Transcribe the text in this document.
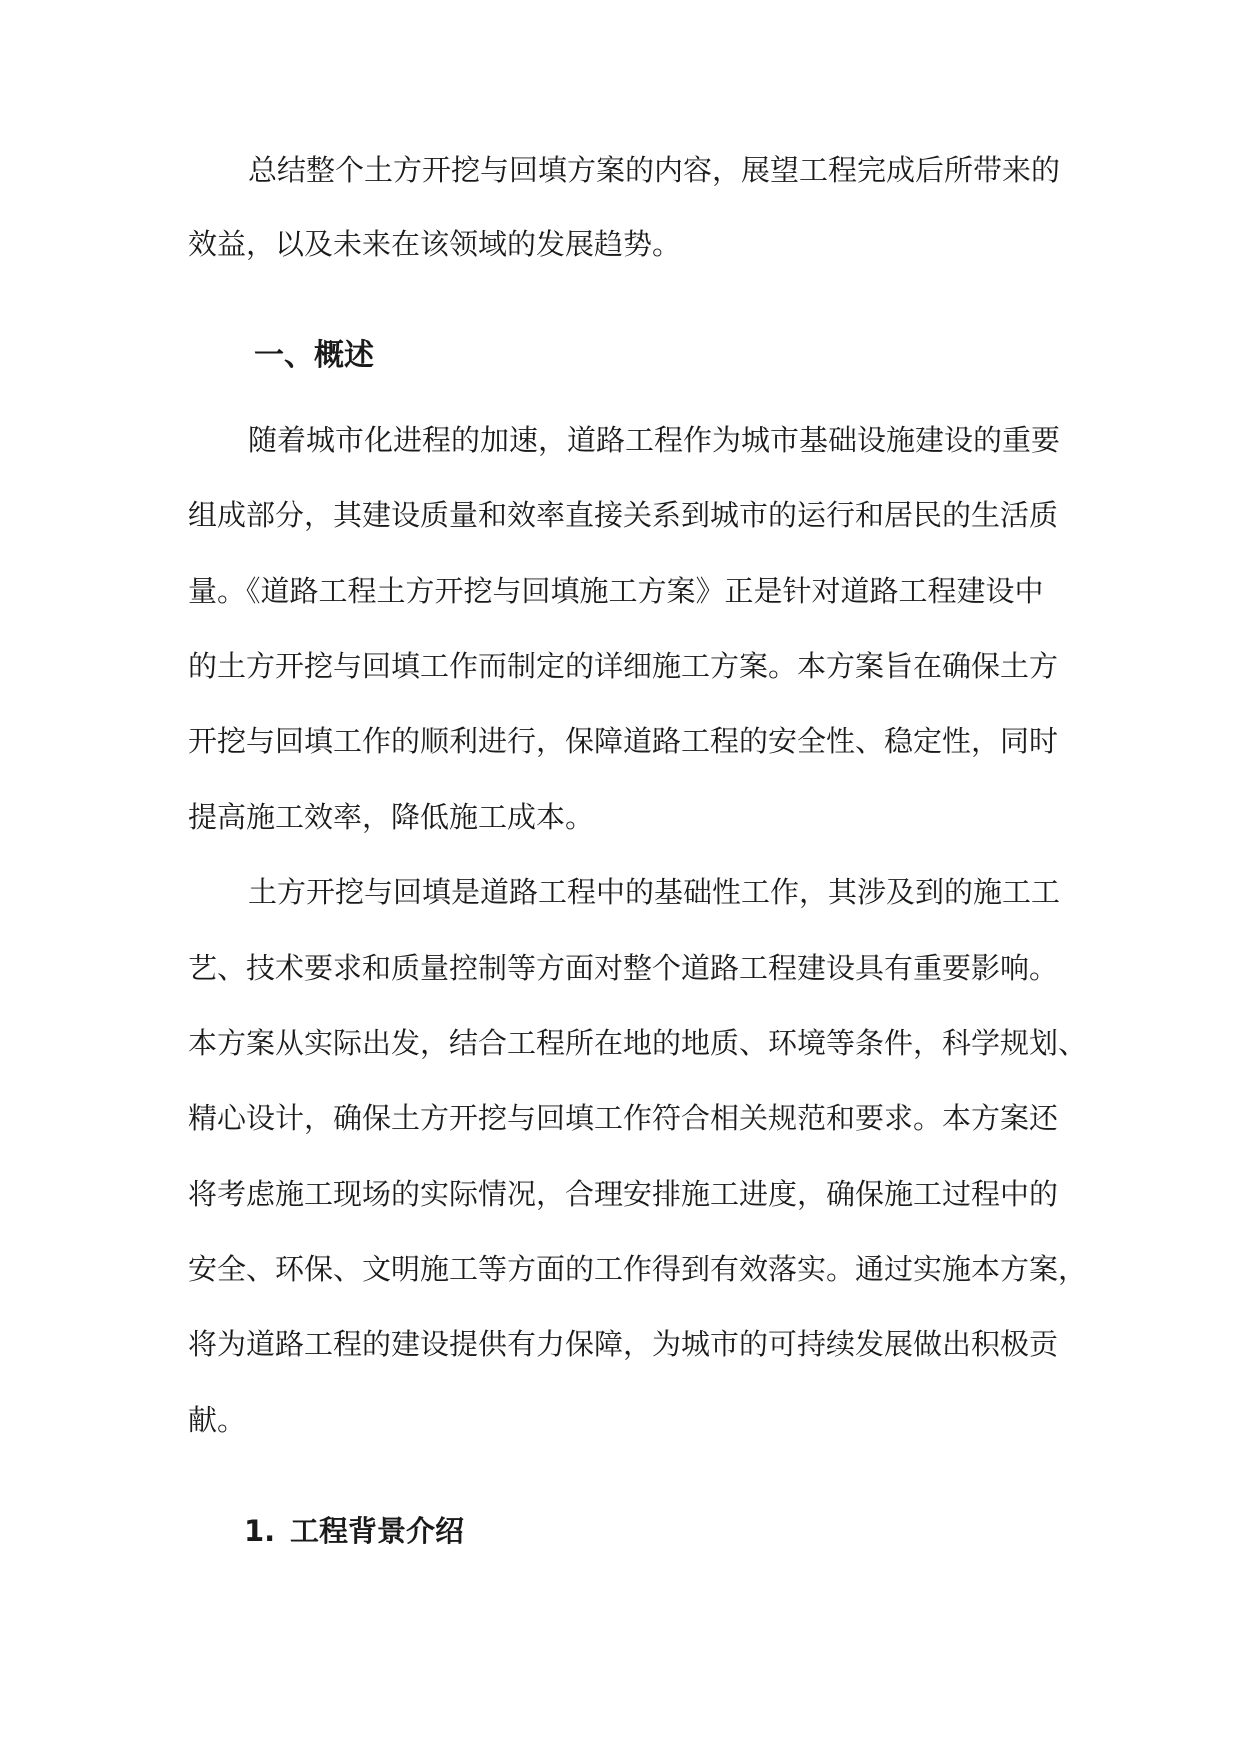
总结整个土方开挖与回填方案的内容，展望工程完成后所带来的
效益，以及未来在该领域的发展趋势。
一、概述
随着城市化进程的加速，道路工程作为城市基础设施建设的重要
组成部分，其建设质量和效率直接关系到城市的运行和居民的生活质
量。《道路工程土方开挖与回填施工方案》正是针对道路工程建设中
的土方开挖与回填工作而制定的详细施工方案。本方案旨在确保土方
开挖与回填工作的顺利进行，保障道路工程的安全性、稳定性，同时
提高施工效率，降低施工成本。
土方开挖与回填是道路工程中的基础性工作，其涉及到的施工工
艺、技术要求和质量控制等方面对整个道路工程建设具有重要影响。
本方案从实际出发，结合工程所在地的地质、环境等条件，科学规划、
精心设计，确保土方开挖与回填工作符合相关规范和要求。本方案还
将考虑施工现场的实际情况，合理安排施工进度，确保施工过程中的
安全、环保、文明施工等方面的工作得到有效落实。通过实施本方案，
将为道路工程的建设提供有力保障，为城市的可持续发展做出积极贡
献。
1. 工程背景介绍
